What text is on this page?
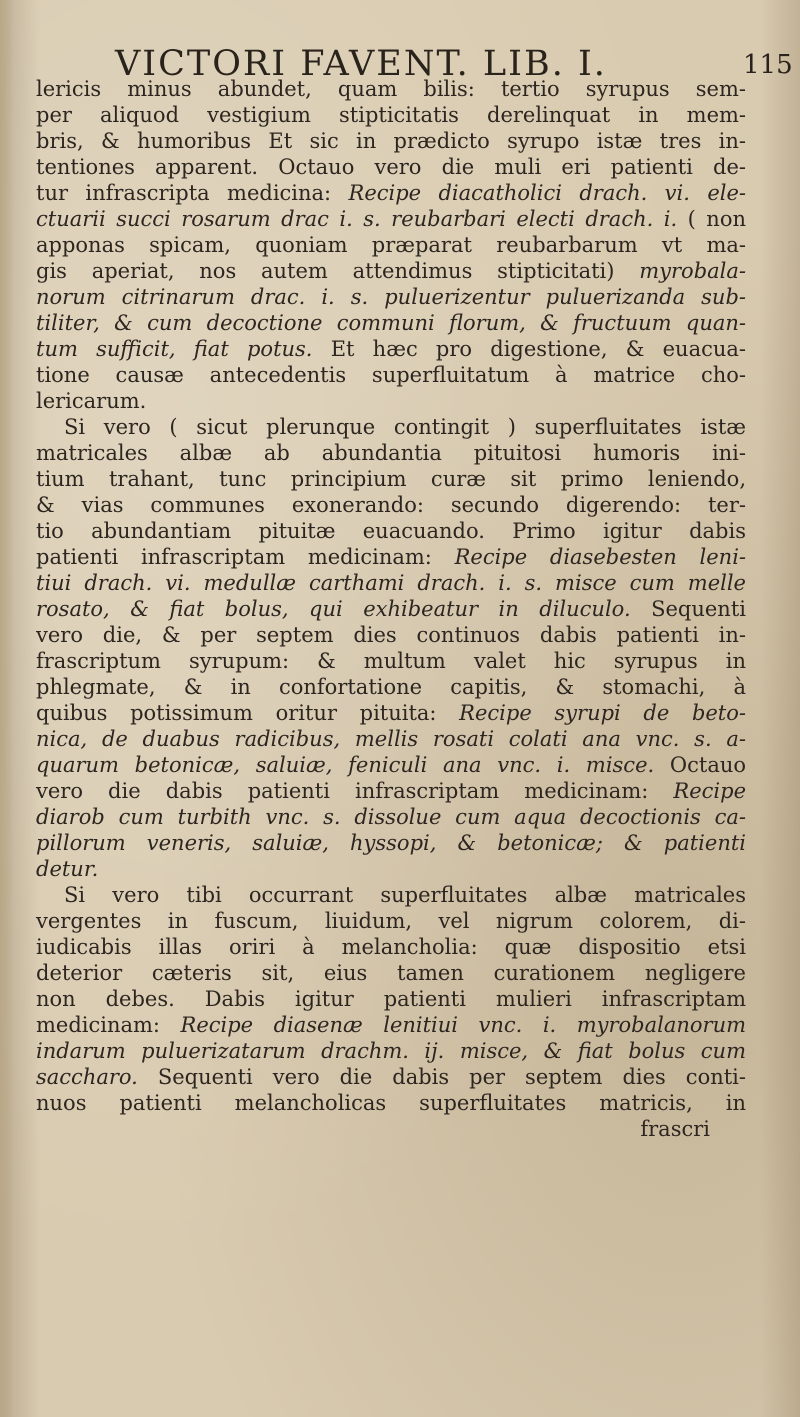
VICTORI FAVENT. LIB. I.	115
lericis minus abundet, quam bilis: tertio syrupus sem-
per aliquod vestigium stipticitatis derelinquat in mem-
bris, & humoribus Et sic in prædicto syrupo istæ tres in-
tentiones apparent. Octauo vero die muli eri patienti de-
tur infrascripta medicina: Recipe diacatholici drach. vi. ele-
ctuarii succi rosarum drac i. s. reubarbari electi drach. i. ( non
apponas spicam, quoniam præparat reubarbarum vt ma-
gis aperiat, nos autem attendimus stipticitati) myrobala-
norum citrinarum drac. i. s. puluerizentur puluerizanda sub-
tiliter, & cum decoctione communi florum, & fructuum quan-
tum sufficit, fiat potus. Et hæc pro digestione, & euacua-
tione causæ antecedentis superfluitatum à matrice cho-
lericarum.
Si vero ( sicut plerunque contingit ) superfluitates istæ
matricales albæ ab abundantia pituitosi humoris ini-
tium trahant, tunc principium curæ sit primo leniendo,
& vias communes exonerando: secundo digerendo: ter-
tio abundantiam pituitæ euacuando. Primo igitur dabis
patienti infrascriptam medicinam: Recipe diasebesten leni-
tiui drach. vi. medullæ carthami drach. i. s. misce cum melle
rosato, & fiat bolus, qui exhibeatur in diluculo. Sequenti
vero die, & per septem dies continuos dabis patienti in-
frascriptum syrupum: & multum valet hic syrupus in
phlegmate, & in confortatione capitis, & stomachi, à
quibus potissimum oritur pituita: Recipe syrupi de beto-
nica, de duabus radicibus, mellis rosati colati ana vnc. s. a-
quarum betonicæ, saluiæ, feniculi ana vnc. i. misce. Octauo
vero die dabis patienti infrascriptam medicinam: Recipe
diarob cum turbith vnc. s. dissolue cum aqua decoctionis ca-
pillorum veneris, saluiæ, hyssopi, & betonicæ; & patienti
detur.
Si vero tibi occurrant superfluitates albæ matricales
vergentes in fuscum, liuidum, vel nigrum colorem, di-
iudicabis illas oriri à melancholia: quæ dispositio etsi
deterior cæteris sit, eius tamen curationem negligere
non debes. Dabis igitur patienti mulieri infrascriptam
medicinam: Recipe diasenæ lenitiui vnc. i. myrobalanorum
indarum puluerizatarum drachm. ij. misce, & fiat bolus cum
saccharo. Sequenti vero die dabis per septem dies conti-
nuos patienti melancholicas superfluitates matricis, in
frascri
